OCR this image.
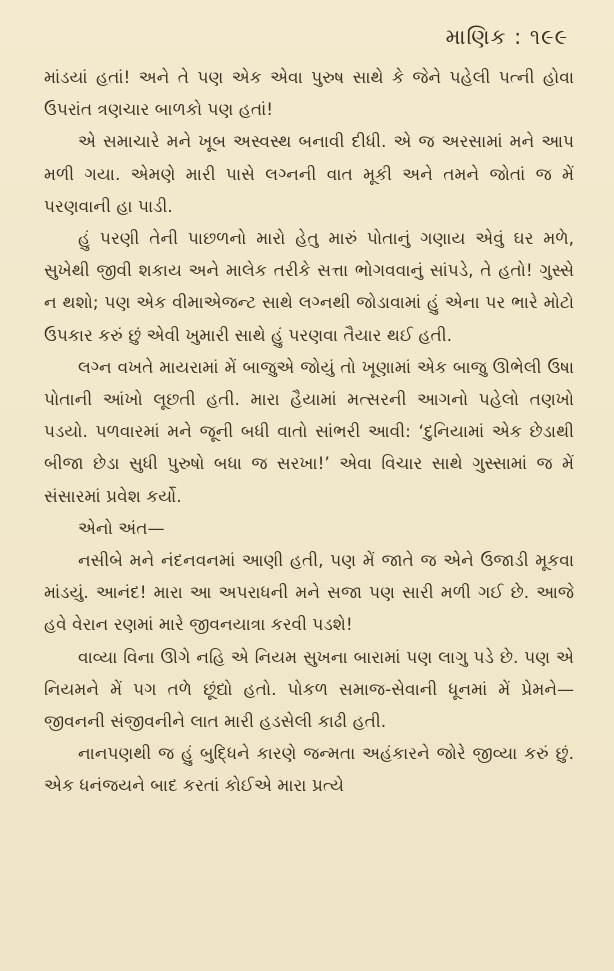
માણિક : ૧૯૯

માંડયાં હતાં! અને તે પણ એક એવા પુરુષ સાથે કે જેને પહેલી પત્ની હોવા ઉપરાંત ત્રણચાર બાળકો પણ હતાં!

એ સમાચારે મને ખૂબ અસ્વસ્થ બનાવી દીધી. એ જ અરસામાં મને આપ મળી ગયા. એમણે મારી પાસે લગ્નની વાત મૂકી અને તમને જોતાં જ મેં પરણવાની હા પાડી.

હું પરણી તેની પાછળનો મારો હેતુ મારું પોતાનું ગણાય એવું ઘર મળે, સુખેથી જીવી શકાય અને માલેક તરીકે સત્તા ભોગવવાનું સાંપડે, તે હતો! ગુસ્સે ન થશો; પણ એક વીમાએજન્ટ સાથે લગ્નથી જોડાવામાં હું એના પર ભારે મોટો ઉપકાર કરું છું એવી ખુમારી સાથે હું પરણવા તૈયાર થઈ હતી.

લગ્ન વખતે માયરામાં મેં બાજુએ જોયું તો ખૂણામાં એક બાજુ ઊભેલી ઉષા પોતાની આંખો લૂછતી હતી. મારા હૈયામાં મત્સરની આગનો પહેલો તણખો પડયો. પળવારમાં મને જૂની બધી વાતો સાંભરી આવી: ‘દુનિયામાં એક છેડાથી બીજા છેડા સુધી પુરુષો બધા જ સરખા!’ એવા વિચાર સાથે ગુસ્સામાં જ મેં સંસારમાં પ્રવેશ કર્યો.

એનો અંત—

નસીબે મને નંદનવનમાં આણી હતી, પણ મેં જાતે જ એને ઉજાડી મૂકવા માંડયું. આનંદ! મારા આ અપરાધની મને સજા પણ સારી મળી ગઈ છે. આજે હવે વેરાન રણમાં મારે જીવનયાત્રા કરવી પડશે!

વાવ્યા વિના ઊગે નહિ એ નિયમ સુખના બારામાં પણ લાગુ પડે છે. પણ એ નિયમને મેં પગ તળે છૂંદ્યો હતો. પોકળ સમાજ-સેવાની ધૂનમાં મેં પ્રેમને—જીવનની સંજીવનીને લાત મારી હડસેલી કાઢી હતી.

નાનપણથી જ હું બુદ્ધિને કારણે જન્મતા અહંકારને જોરે જીવ્યા કરું છું. એક ધનંજયને બાદ કરતાં કોઈએ મારા પ્રત્યે
